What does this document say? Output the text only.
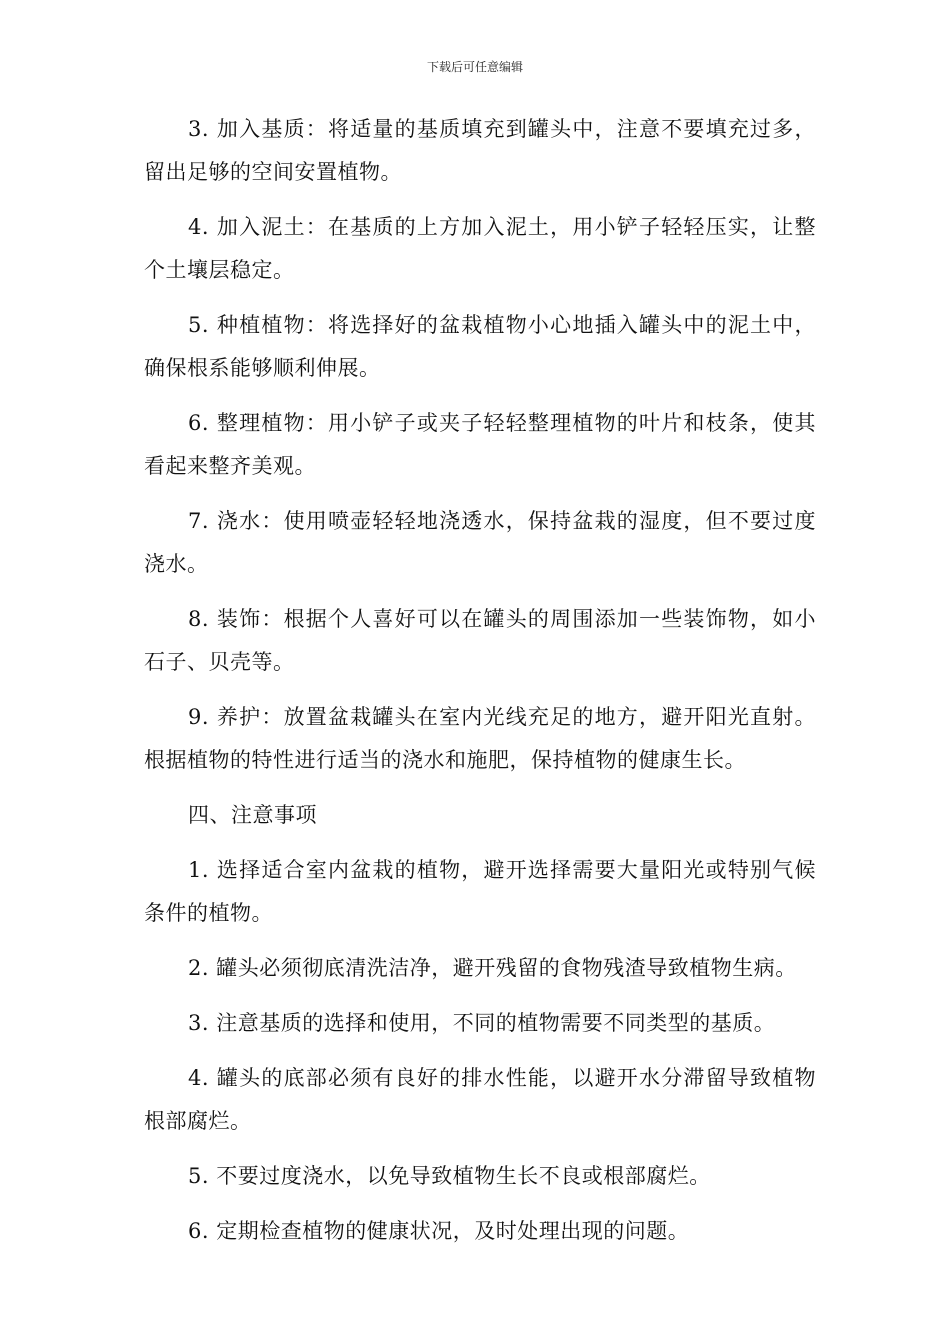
下载后可任意编辑

3. 加入基质：将适量的基质填充到罐头中，注意不要填充过多，留出足够的空间安置植物。

4. 加入泥土：在基质的上方加入泥土，用小铲子轻轻压实，让整个土壤层稳定。

5. 种植植物：将选择好的盆栽植物小心地插入罐头中的泥土中，确保根系能够顺利伸展。

6. 整理植物：用小铲子或夹子轻轻整理植物的叶片和枝条，使其看起来整齐美观。

7. 浇水：使用喷壶轻轻地浇透水，保持盆栽的湿度，但不要过度浇水。

8. 装饰：根据个人喜好可以在罐头的周围添加一些装饰物，如小石子、贝壳等。

9. 养护：放置盆栽罐头在室内光线充足的地方，避开阳光直射。根据植物的特性进行适当的浇水和施肥，保持植物的健康生长。

四、注意事项

1. 选择适合室内盆栽的植物，避开选择需要大量阳光或特别气候条件的植物。

2. 罐头必须彻底清洗洁净，避开残留的食物残渣导致植物生病。

3. 注意基质的选择和使用，不同的植物需要不同类型的基质。

4. 罐头的底部必须有良好的排水性能，以避开水分滞留导致植物根部腐烂。

5. 不要过度浇水，以免导致植物生长不良或根部腐烂。

6. 定期检查植物的健康状况，及时处理出现的问题。
